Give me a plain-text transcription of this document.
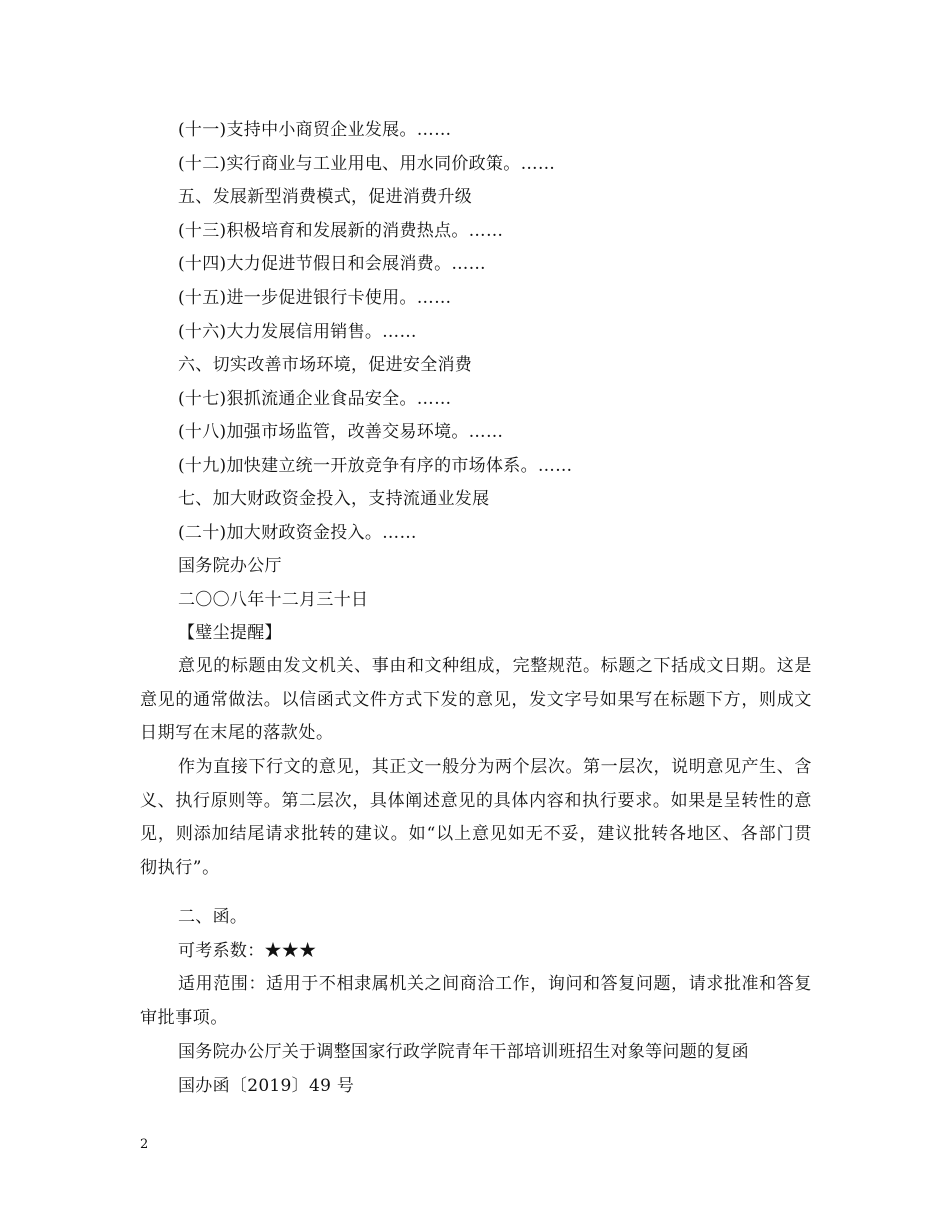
(十一)支持中小商贸企业发展。……
(十二)实行商业与工业用电、用水同价政策。……
五、发展新型消费模式，促进消费升级
(十三)积极培育和发展新的消费热点。……
(十四)大力促进节假日和会展消费。……
(十五)进一步促进银行卡使用。……
(十六)大力发展信用销售。……
六、切实改善市场环境，促进安全消费
(十七)狠抓流通企业食品安全。……
(十八)加强市场监管，改善交易环境。……
(十九)加快建立统一开放竞争有序的市场体系。……
七、加大财政资金投入，支持流通业发展
(二十)加大财政资金投入。……
国务院办公厅
二〇〇八年十二月三十日
【璧尘提醒】
意见的标题由发文机关、事由和文种组成，完整规范。标题之下括成文日期。这是意见的通常做法。以信函式文件方式下发的意见，发文字号如果写在标题下方，则成文日期写在末尾的落款处。
作为直接下行文的意见，其正文一般分为两个层次。第一层次，说明意见产生、含义、执行原则等。第二层次，具体阐述意见的具体内容和执行要求。如果是呈转性的意见，则添加结尾请求批转的建议。如“以上意见如无不妥，建议批转各地区、各部门贯彻执行”。
二、函。
可考系数：★★★
适用范围：适用于不相隶属机关之间商洽工作，询问和答复问题，请求批准和答复审批事项。
国务院办公厅关于调整国家行政学院青年干部培训班招生对象等问题的复函
国办函〔2019〕49 号
2
